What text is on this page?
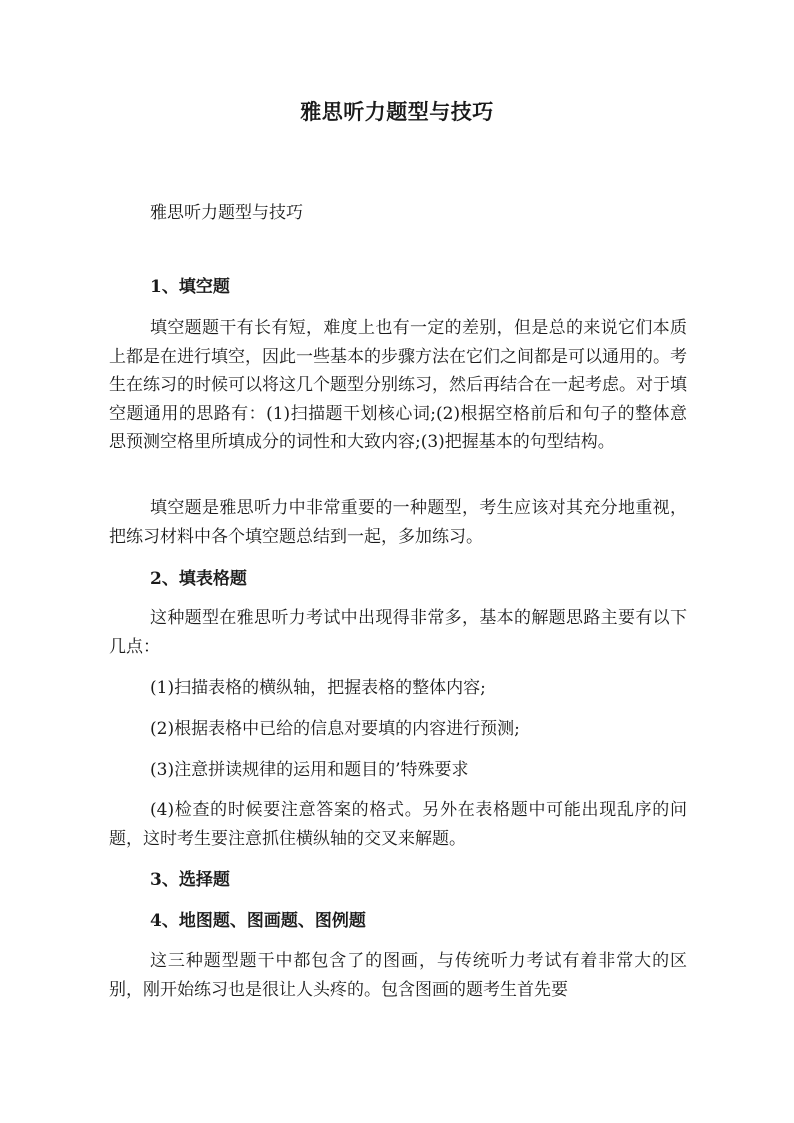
雅思听力题型与技巧
雅思听力题型与技巧

1、填空题

填空题题干有长有短，难度上也有一定的差别，但是总的来说它们本质上都是在进行填空，因此一些基本的步骤方法在它们之间都是可以通用的。考生在练习的时候可以将这几个题型分别练习，然后再结合在一起考虑。对于填空题通用的思路有：(1)扫描题干划核心词;(2)根据空格前后和句子的整体意思预测空格里所填成分的词性和大致内容;(3)把握基本的句型结构。

填空题是雅思听力中非常重要的一种题型，考生应该对其充分地重视，把练习材料中各个填空题总结到一起，多加练习。

2、填表格题

这种题型在雅思听力考试中出现得非常多，基本的解题思路主要有以下几点：

(1)扫描表格的横纵轴，把握表格的整体内容;

(2)根据表格中已给的信息对要填的内容进行预测;

(3)注意拼读规律的运用和题目的’特殊要求

(4)检查的时候要注意答案的格式。另外在表格题中可能出现乱序的问题，这时考生要注意抓住横纵轴的交叉来解题。

3、选择题

4、地图题、图画题、图例题

这三种题型题干中都包含了的图画，与传统听力考试有着非常大的区别，刚开始练习也是很让人头疼的。包含图画的题考生首先要
